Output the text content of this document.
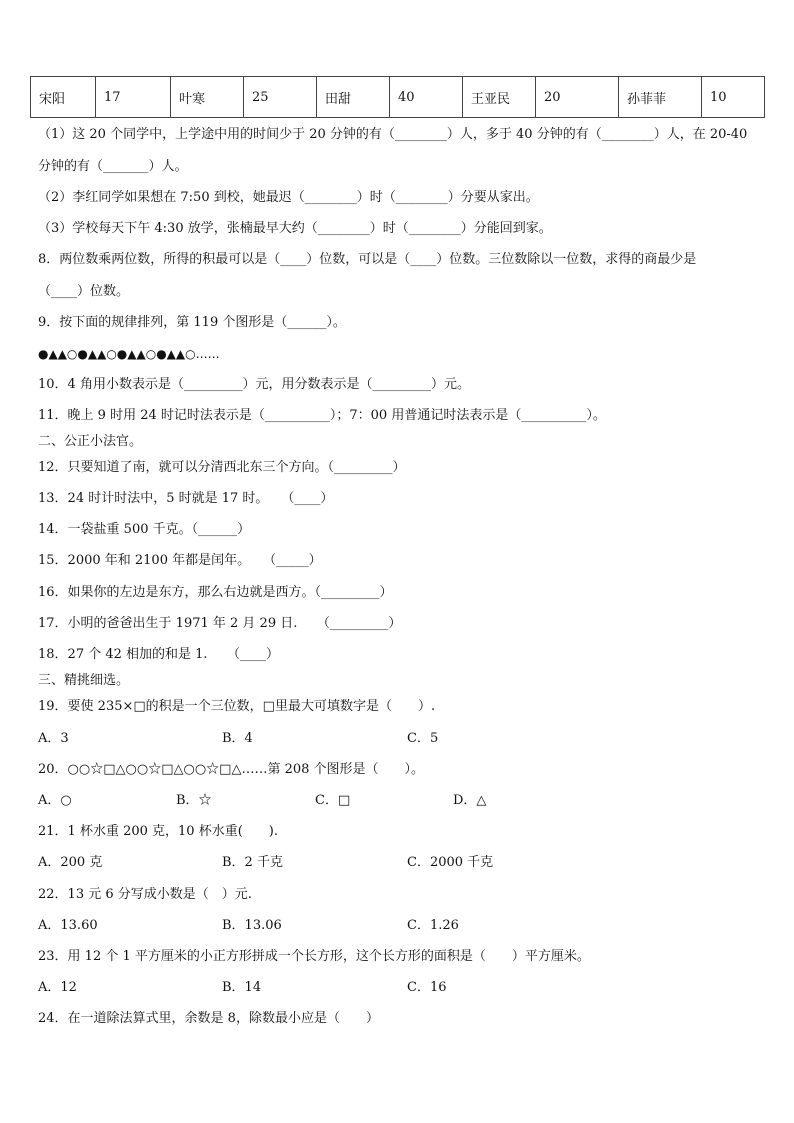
宋阳	17	叶寒	25	田甜	40	王亚民	20	孙菲菲	10
（1）这 20 个同学中，上学途中用的时间少于 20 分钟的有（________）人，多于 40 分钟的有（________）人，在 20-40
分钟的有（_______）人。
（2）李红同学如果想在 7:50 到校，她最迟（________）时（________）分要从家出。
（3）学校每天下午 4:30 放学，张楠最早大约（________）时（________）分能回到家。
8．两位数乘两位数，所得的积最可以是（____）位数，可以是（____）位数。三位数除以一位数，求得的商最少是
（____）位数。
9．按下面的规律排列，第 119 个图形是（______）。
●▲▲○●▲▲○●▲▲○●▲▲○……
10．4 角用小数表示是（_________）元，用分数表示是（_________）元。
11．晚上 9 时用 24 时记时法表示是（__________）；7：00 用普通记时法表示是（__________）。
二、公正小法官。
12．只要知道了南，就可以分清西北东三个方向。（_________）
13．24 时计时法中，5 时就是 17 时。　　（____）
14．一袋盐重 500 千克。（______）
15．2000 年和 2100 年都是闰年。　　（_____）
16．如果你的左边是东方，那么右边就是西方。（_________）
17．小明的爸爸出生于 1971 年 2 月 29 日.　　（_________）
18．27 个 42 相加的和是 1.　　（____）
三、精挑细选。
19．要使 235×□的积是一个三位数，□里最大可填数字是（　　）.
A．3	B．4	C．5
20．○○☆□△○○☆□△○○☆□△……第 208 个图形是（　　）。
A．○	B．☆	C．□	D．△
21．1 杯水重 200 克，10 杯水重(　　).
A．200 克	B．2 千克	C．2000 千克
22．13 元 6 分写成小数是（　）元.
A．13.60	B．13.06	C．1.26
23．用 12 个 1 平方厘米的小正方形拼成一个长方形，这个长方形的面积是（　　）平方厘米。
A．12	B．14	C．16
24．在一道除法算式里，余数是 8，除数最小应是（　　）
